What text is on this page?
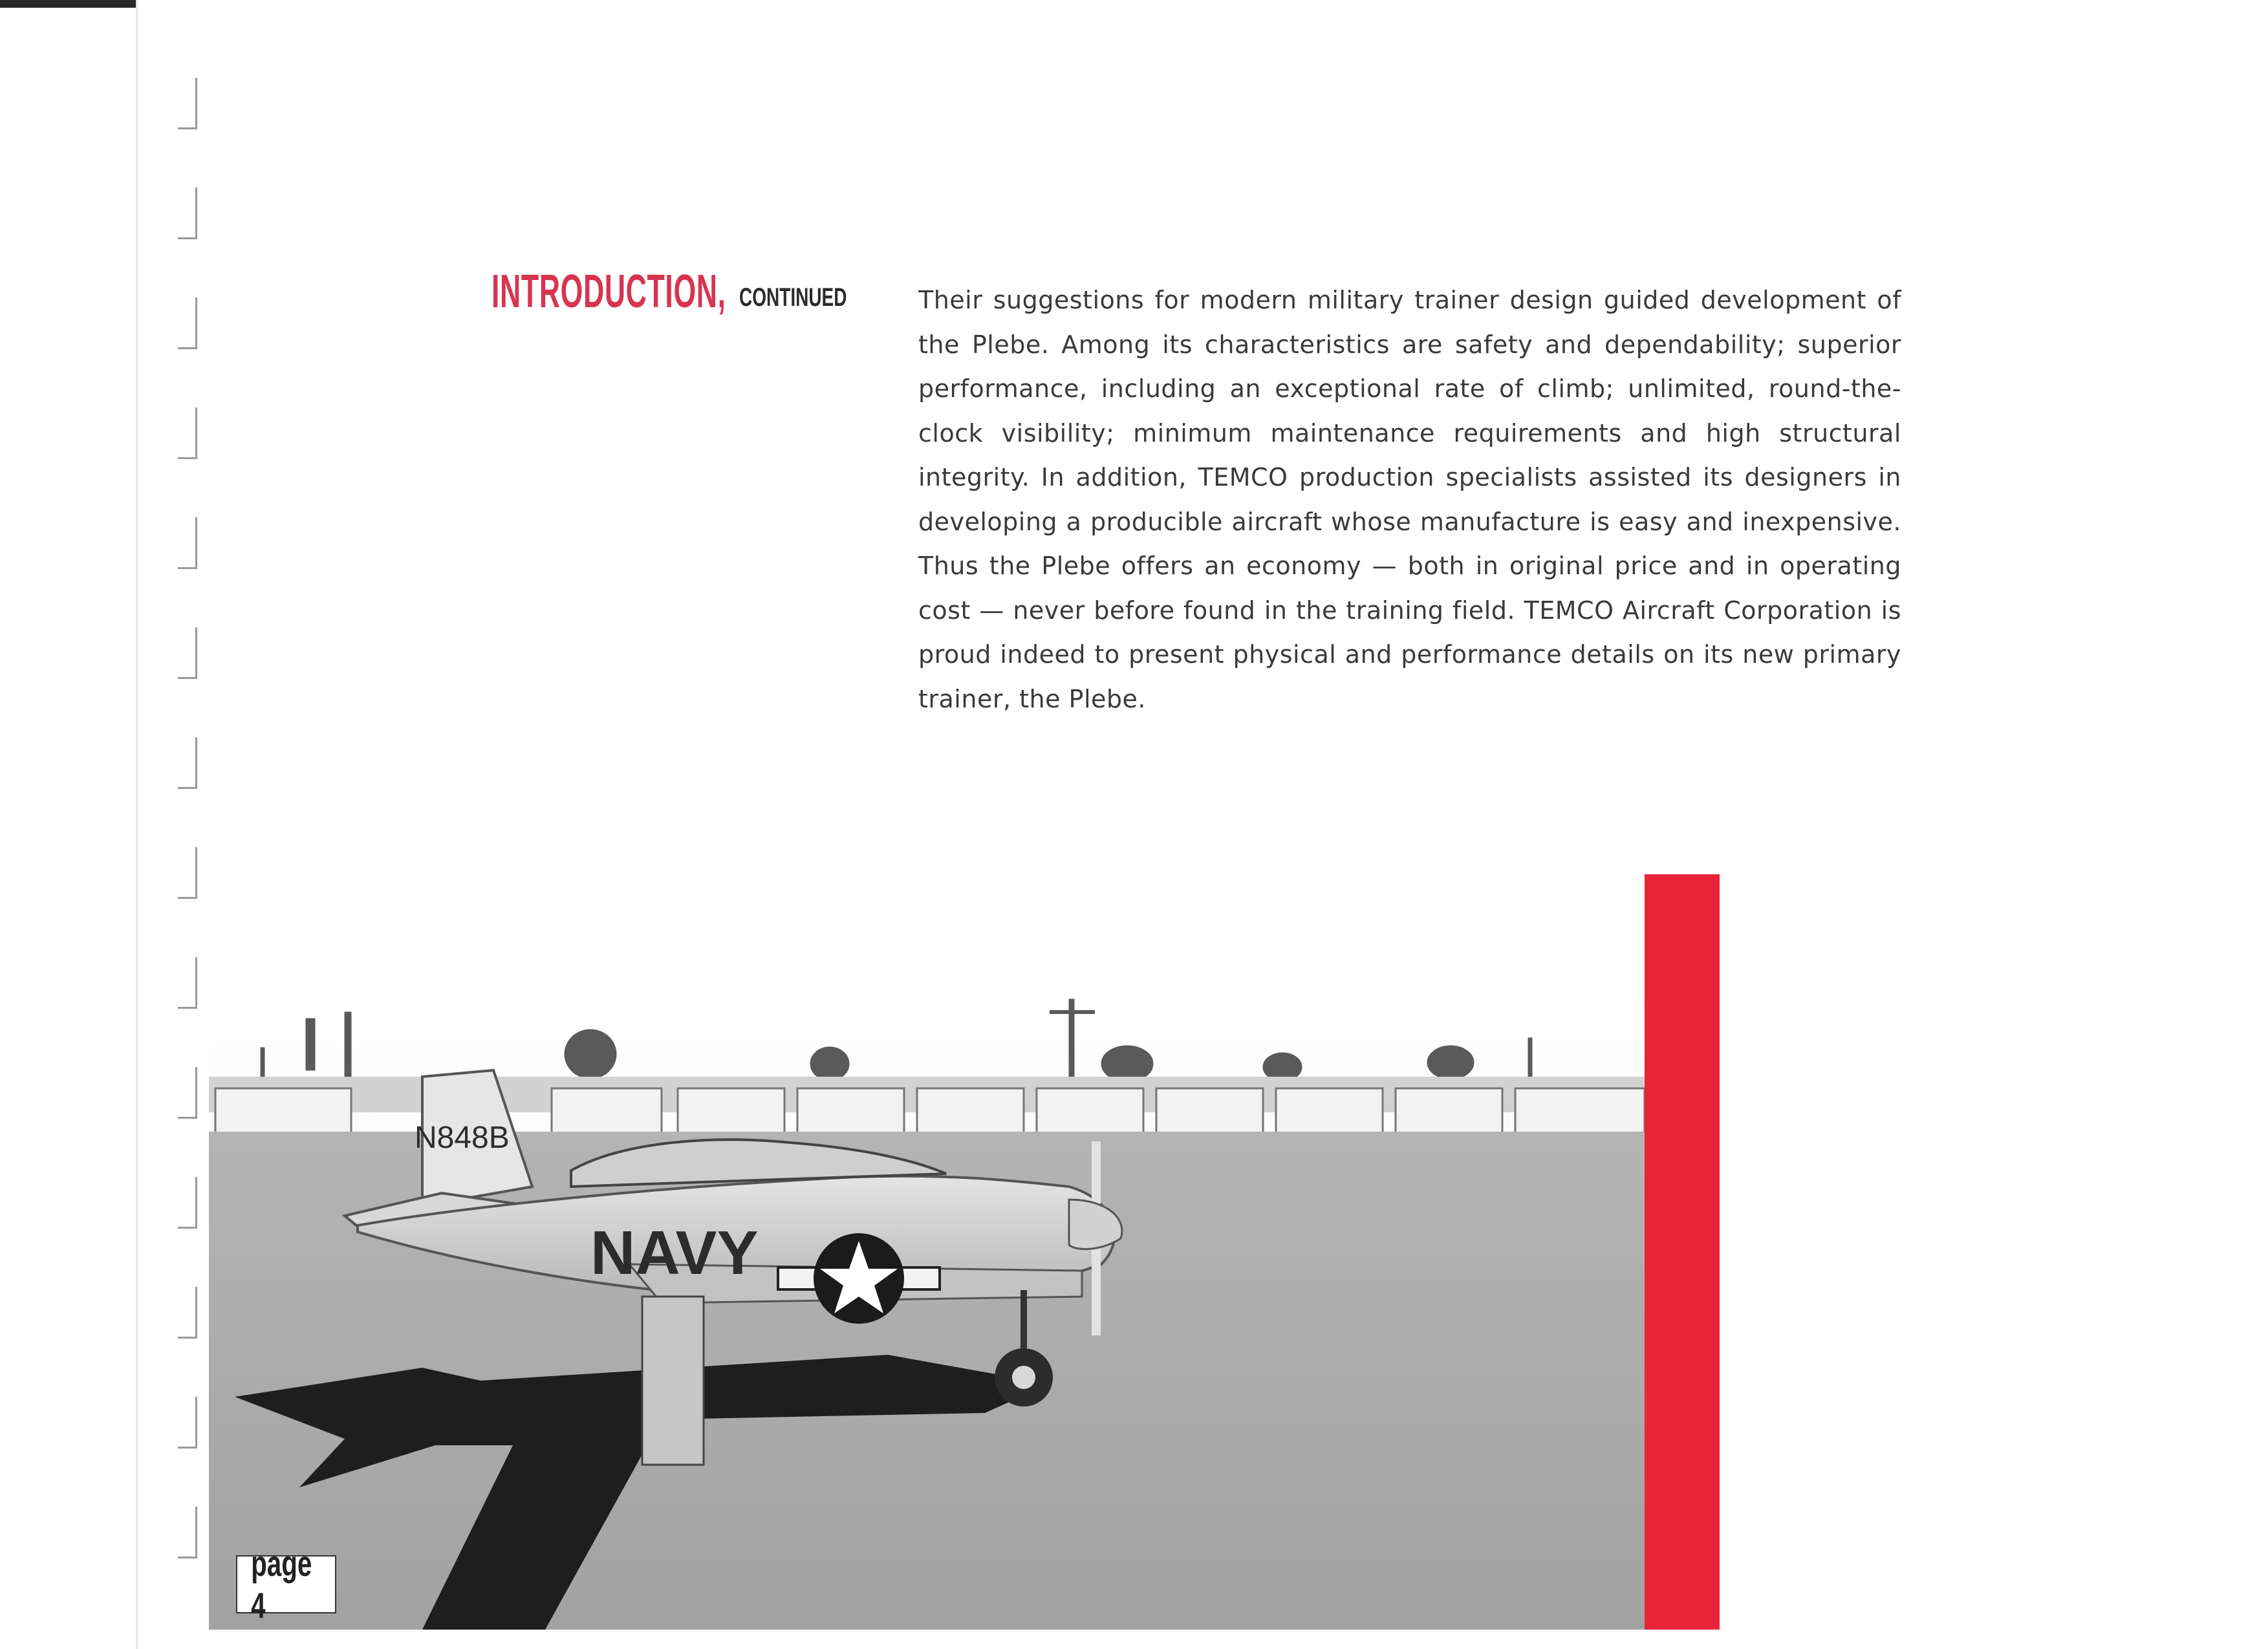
INTRODUCTION, CONTINUED	Their suggestions for modern military trainer design guided development of the Plebe. Among its characteristics are safety and dependability; superior performance, including an exceptional rate of climb; unlimited, round-the-clock visibility; minimum maintenance requirements and high structural integrity. In addition, TEMCO production specialists assisted its designers in developing a producible aircraft whose manufacture is easy and inexpensive. Thus the Plebe offers an economy — both in original price and in operating cost — never before found in the training field. TEMCO Aircraft Corporation is proud indeed to present physical and performance details on its new primary trainer, the Plebe.

NAVY
N848B
page 4
